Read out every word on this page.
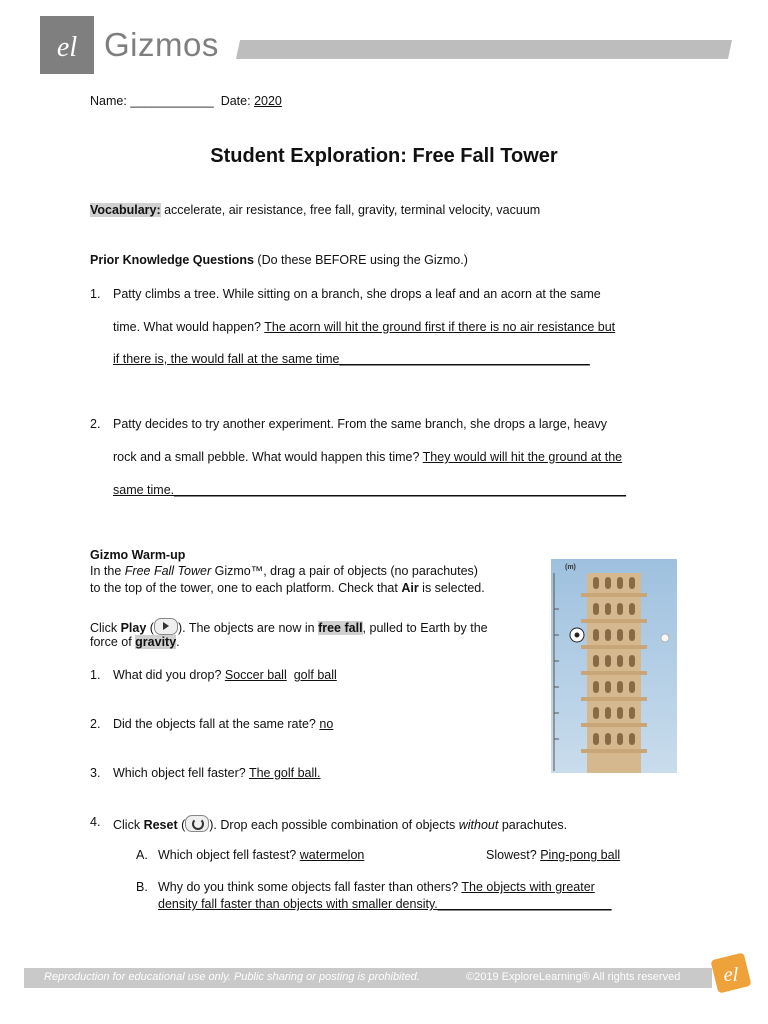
el Gizmos
Name: ____________ Date: 2020
Student Exploration: Free Fall Tower
Vocabulary: accelerate, air resistance, free fall, gravity, terminal velocity, vacuum
Prior Knowledge Questions (Do these BEFORE using the Gizmo.)
1. Patty climbs a tree. While sitting on a branch, she drops a leaf and an acorn at the same
time. What would happen? The acorn will hit the ground first if there is no air resistance but
if there is, the would fall at the same time____________________________________
2. Patty decides to try another experiment. From the same branch, she drops a large, heavy
rock and a small pebble. What would happen this time? They would will hit the ground at the
same time._________________________________________________________________
Gizmo Warm-up
In the Free Fall Tower Gizmo™, drag a pair of objects (no parachutes)
to the top of the tower, one to each platform. Check that Air is selected.
Click Play ( ). The objects are now in free fall, pulled to Earth by the
force of gravity.
1. What did you drop? Soccer ball golf ball
2. Did the objects fall at the same rate? no
3. Which object fell faster? The golf ball.
4. Click Reset ( ). Drop each possible combination of objects without parachutes.
A. Which object fell fastest? watermelon	Slowest? Ping-pong ball
B. Why do you think some objects fall faster than others? The objects with greater
density fall faster than objects with smaller density._________________________
(m)
Reproduction for educational use only. Public sharing or posting is prohibited.	©2019 ExploreLearning® All rights reserved el
